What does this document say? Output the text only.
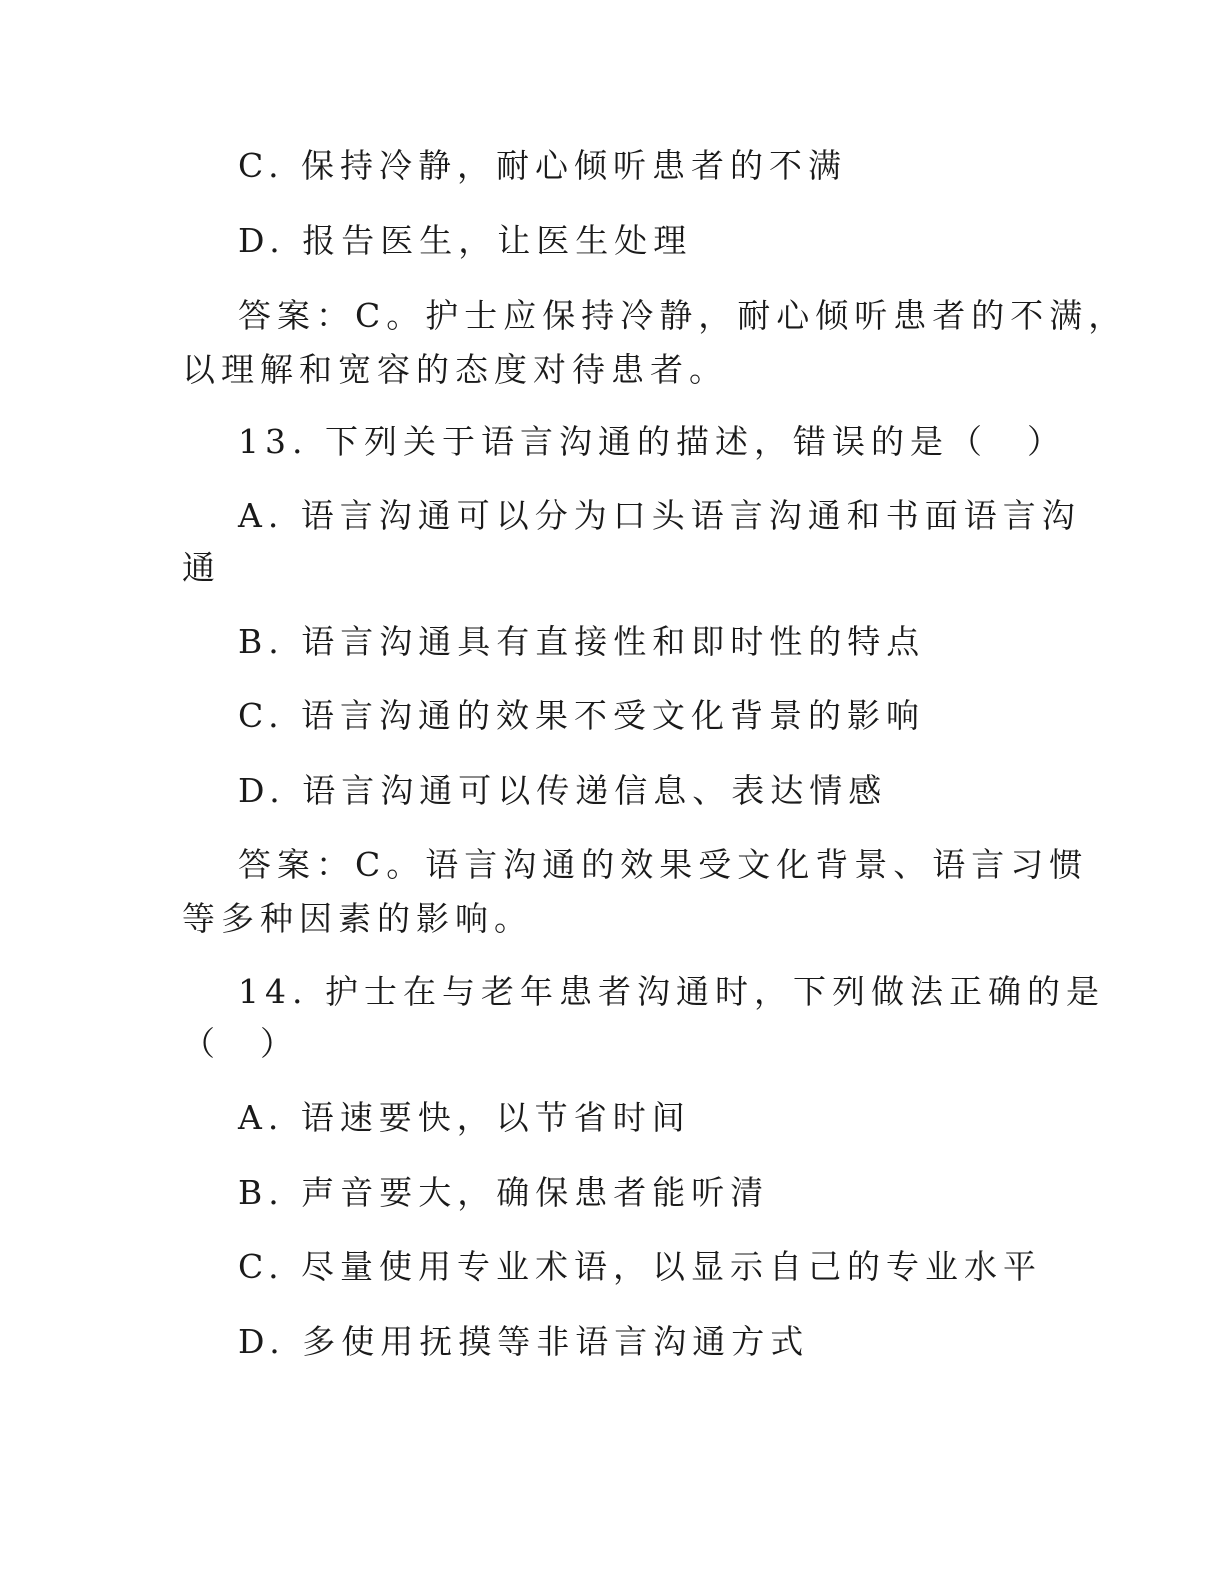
C. 保持冷静，耐心倾听患者的不满

D. 报告医生，让医生处理

答案：C。护士应保持冷静，耐心倾听患者的不满，

以理解和宽容的态度对待患者。

13. 下列关于语言沟通的描述，错误的是（　）

A. 语言沟通可以分为口头语言沟通和书面语言沟

通

B. 语言沟通具有直接性和即时性的特点

C. 语言沟通的效果不受文化背景的影响

D. 语言沟通可以传递信息、表达情感

答案：C。语言沟通的效果受文化背景、语言习惯

等多种因素的影响。

14. 护士在与老年患者沟通时，下列做法正确的是

（　）

A. 语速要快，以节省时间

B. 声音要大，确保患者能听清

C. 尽量使用专业术语，以显示自己的专业水平

D. 多使用抚摸等非语言沟通方式
